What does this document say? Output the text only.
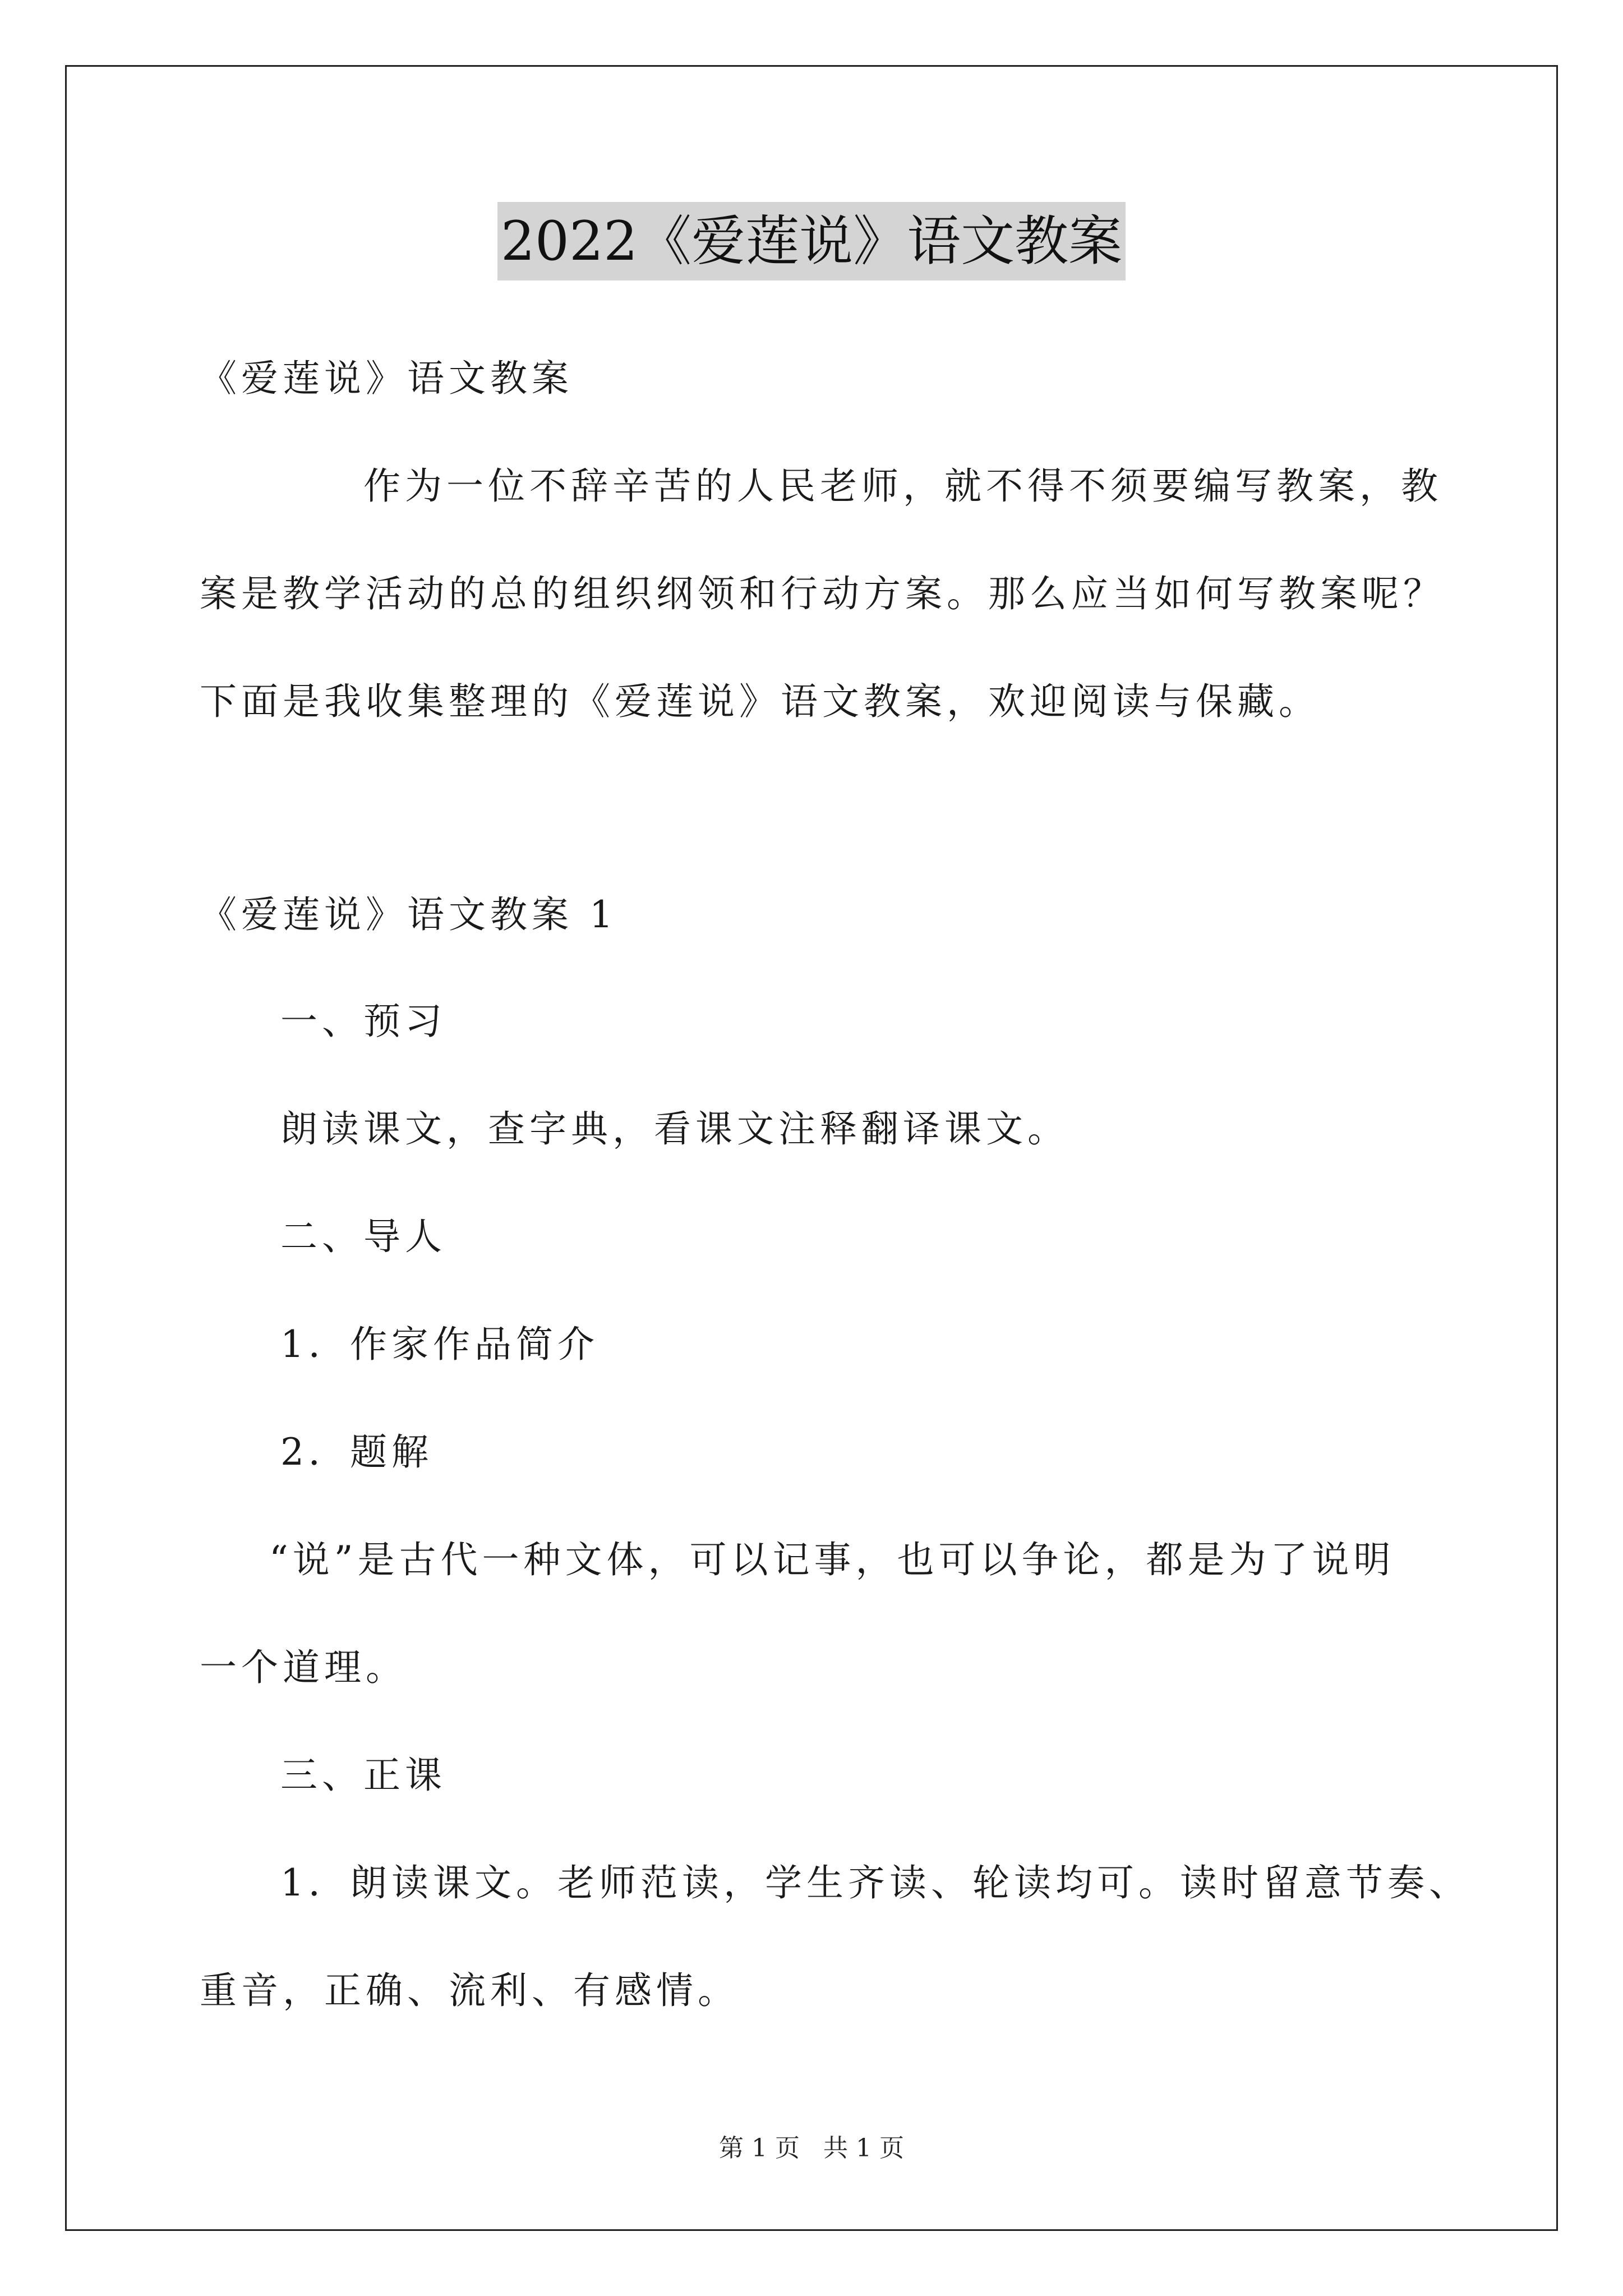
2022《爱莲说》语文教案
《爱莲说》语文教案
作为一位不辞辛苦的人民老师，就不得不须要编写教案，教
案是教学活动的总的组织纲领和行动方案。那么应当如何写教案呢？
下面是我收集整理的《爱莲说》语文教案，欢迎阅读与保藏。
《爱莲说》语文教案 1
一、预习
朗读课文，查字典，看课文注释翻译课文。
二、导人
1．作家作品简介
2．题解
“说”是古代一种文体，可以记事，也可以争论，都是为了说明
一个道理。
三、正课
1．朗读课文。老师范读，学生齐读、轮读均可。读时留意节奏、
重音，正确、流利、有感情。
第 1 页 共 1 页
